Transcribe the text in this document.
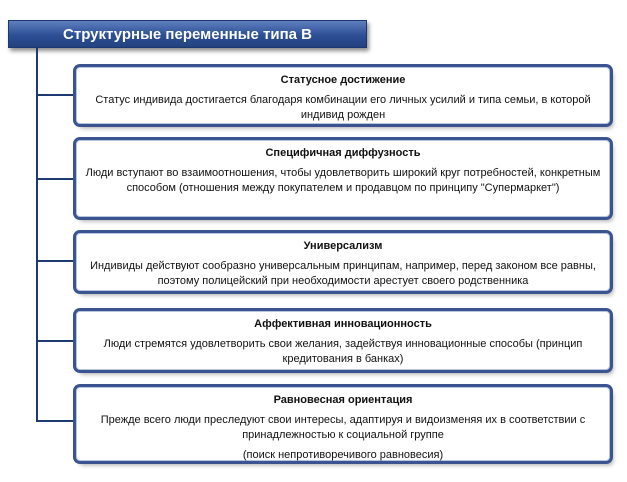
Структурные переменные типа В
Статусное достижение
Статус индивида достигается благодаря комбинации его личных усилий и типа семьи, в которой индивид рожден
Специфичная диффузность
Люди вступают во взаимоотношения, чтобы удовлетворить широкий круг потребностей, конкретным способом (отношения между покупателем и продавцом по принципу "Супермаркет")
Универсализм
Индивиды действуют сообразно универсальным принципам, например, перед законом все равны, поэтому полицейский при необходимости арестует своего родственника
Аффективная инновационность
Люди стремятся удовлетворить свои желания, задействуя инновационные способы (принцип кредитования в банках)
Равновесная ориентация
Прежде всего люди преследуют свои интересы, адаптируя и видоизменяя их в соответствии с принадлежностью к социальной группе
(поиск непротиворечивого равновесия)
